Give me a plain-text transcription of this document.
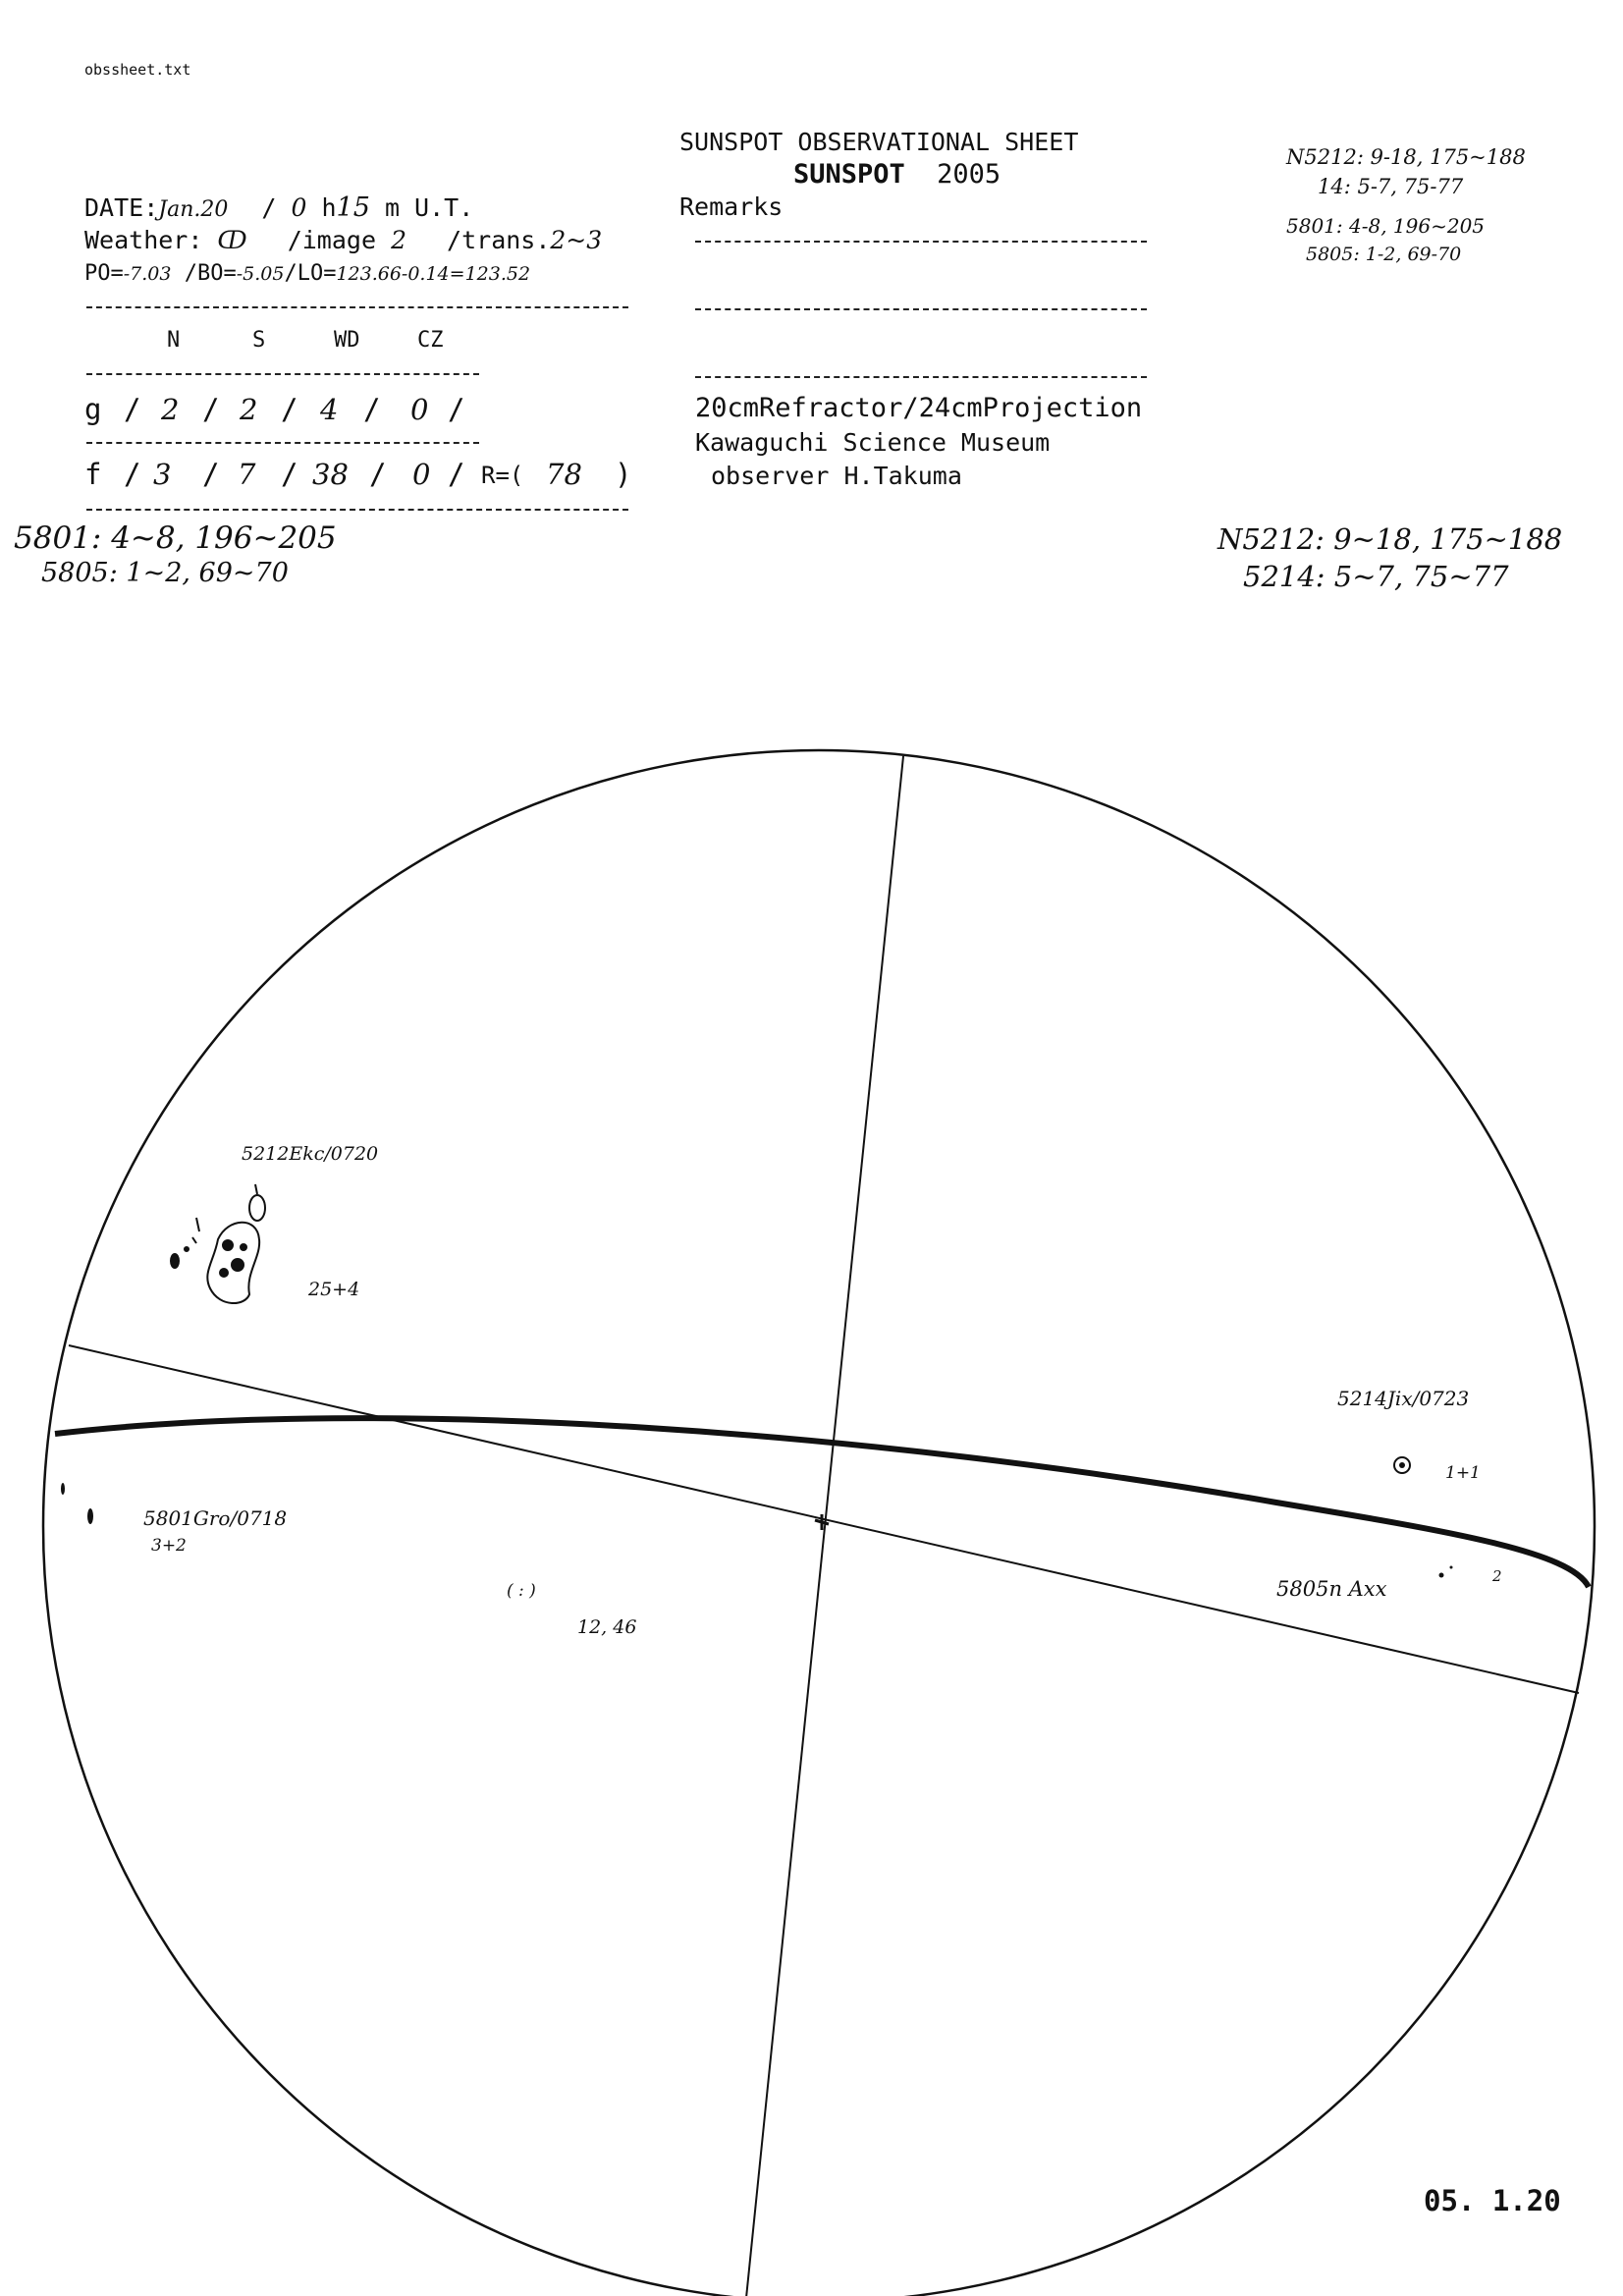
obssheet.txt
SUNSPOT OBSERVATIONAL SHEET
SUNSPOT 2005
Remarks
DATE:Jan.20 / 0 h15 m U.T.
Weather: ↀ /image 2 /trans.2~3
PO=-7.03 /BO=-5.05/LO=123.66-0.14=123.52
N	S	WD	CZ
g / 2 / 2 / 4 / 0 /
f / 3 / 7 / 38 / 0 / R=( 78 )
20cmRefractor/24cmProjection
Kawaguchi Science Museum
observer H.Takuma
N5212: 9-18, 175~188
14: 5-7, 75-77
5801: 4-8, 196~205
5805: 1-2, 69-70
5801: 4~8, 196~205
5805: 1~2, 69~70
N5212: 9~18, 175~188
5214: 5~7, 75~77
5212Ekc/0720
25+4
5214Jix/0723
1+1
5801Gro/0718
3+2
5805n Axx
2
( : )
12, 46
05. 1.20
